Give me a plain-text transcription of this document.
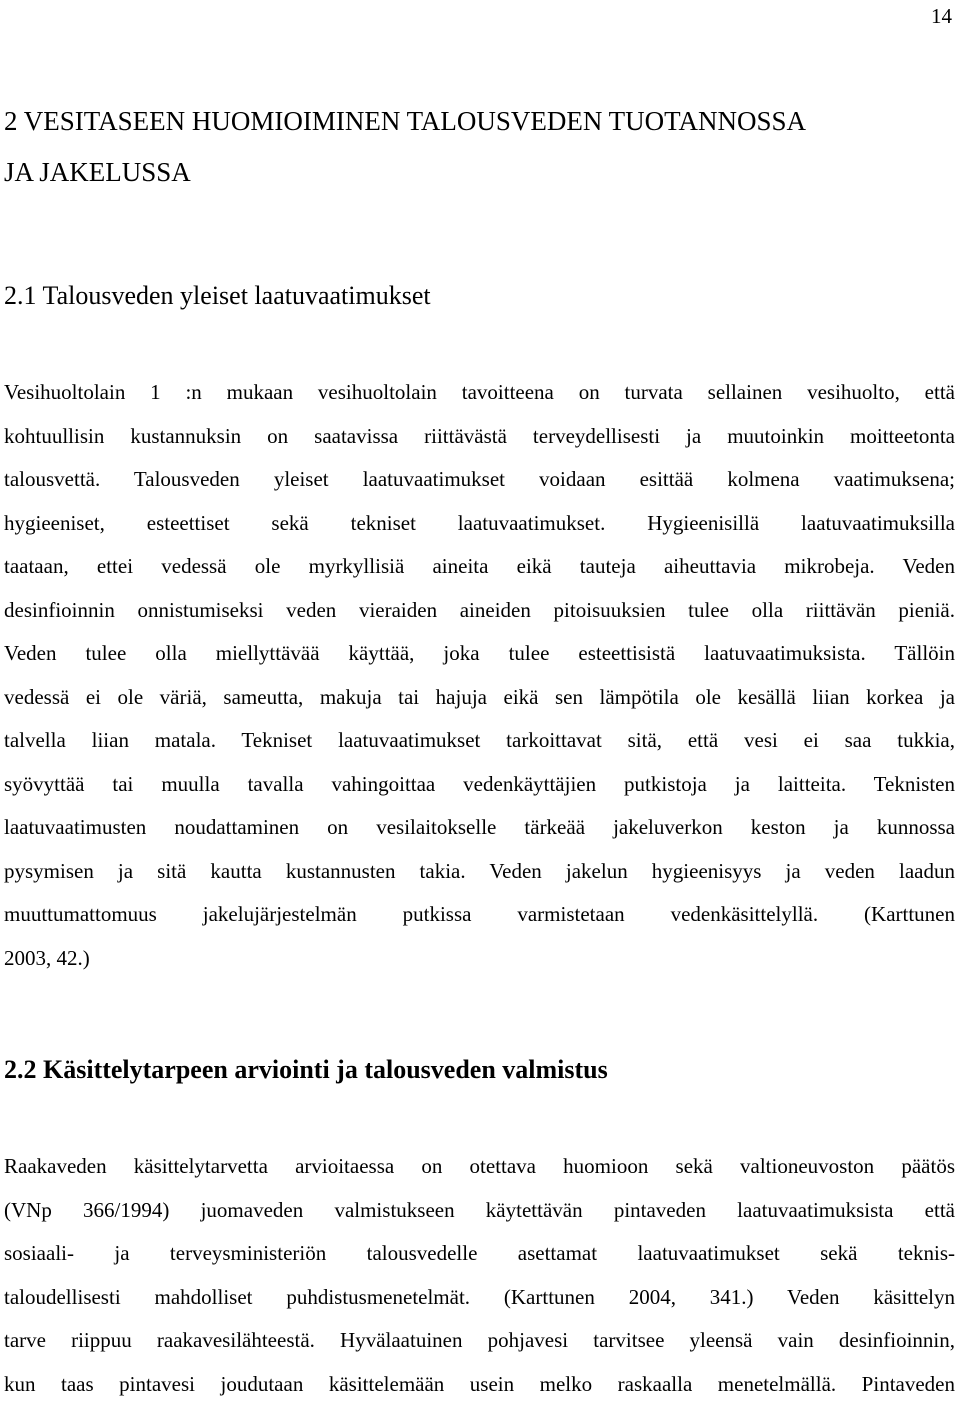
14
2 VESITASEEN HUOMIOIMINEN TALOUSVEDEN TUOTANNOSSA
JA JAKELUSSA
2.1 Talousveden yleiset laatuvaatimukset

Vesihuoltolain 1 :n mukaan vesihuoltolain tavoitteena on turvata sellainen vesihuolto, että
kohtuullisin kustannuksin on saatavissa riittävästä terveydellisesti ja muutoinkin moitteetonta
talousvettä. Talousveden yleiset laatuvaatimukset voidaan esittää kolmena vaatimuksena;
hygieeniset, esteettiset sekä tekniset laatuvaatimukset. Hygieenisillä laatuvaatimuksilla
taataan, ettei vedessä ole myrkyllisiä aineita eikä tauteja aiheuttavia mikrobeja. Veden
desinfioinnin onnistumiseksi veden vieraiden aineiden pitoisuuksien tulee olla riittävän pieniä.
Veden tulee olla miellyttävää käyttää, joka tulee esteettisistä laatuvaatimuksista. Tällöin
vedessä ei ole väriä, sameutta, makuja tai hajuja eikä sen lämpötila ole kesällä liian korkea ja
talvella liian matala. Tekniset laatuvaatimukset tarkoittavat sitä, että vesi ei saa tukkia,
syövyttää tai muulla tavalla vahingoittaa vedenkäyttäjien putkistoja ja laitteita. Teknisten
laatuvaatimusten noudattaminen on vesilaitokselle tärkeää jakeluverkon keston ja kunnossa
pysymisen ja sitä kautta kustannusten takia. Veden jakelun hygieenisyys ja veden laadun
muuttumattomuus jakelujärjestelmän putkissa varmistetaan vedenkäsittelyllä. (Karttunen
2003, 42.)

2.2 Käsittelytarpeen arviointi ja talousveden valmistus

Raakaveden käsittelytarvetta arvioitaessa on otettava huomioon sekä valtioneuvoston päätös
(VNp 366/1994) juomaveden valmistukseen käytettävän pintaveden laatuvaatimuksista että
sosiaali- ja terveysministeriön talousvedelle asettamat laatuvaatimukset sekä teknis-
taloudellisesti mahdolliset puhdistusmenetelmät. (Karttunen 2004, 341.) Veden käsittelyn
tarve riippuu raakavesilähteestä. Hyvälaatuinen pohjavesi tarvitsee yleensä vain desinfioinnin,
kun taas pintavesi joudutaan käsittelemään usein melko raskaalla menetelmällä. Pintaveden
